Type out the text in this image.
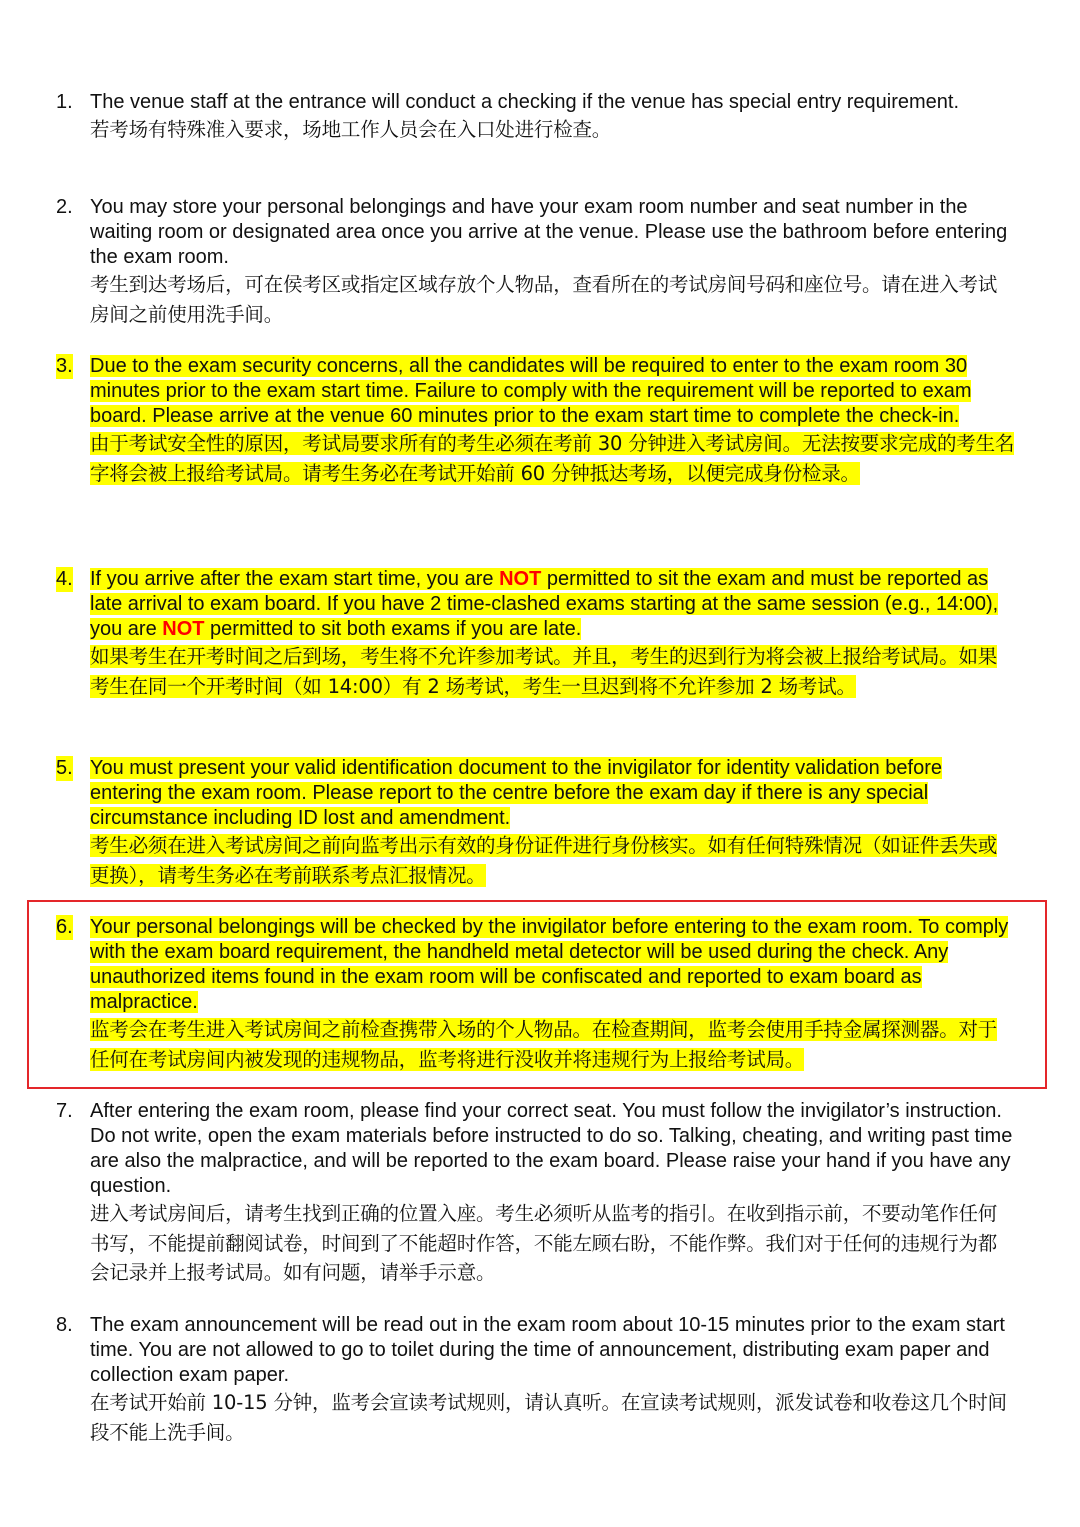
1. The venue staff at the entrance will conduct a checking if the venue has special entry requirement.

若考场有特殊准入要求，场地工作人员会在入口处进行检查。

2. You may store your personal belongings and have your exam room number and seat number in the waiting room or designated area once you arrive at the venue. Please use the bathroom before entering the exam room.

考生到达考场后，可在侯考区或指定区域存放个人物品，查看所在的考试房间号码和座位号。请在进入考试房间之前使用洗手间。

3. Due to the exam security concerns, all the candidates will be required to enter to the exam room 30 minutes prior to the exam start time. Failure to comply with the requirement will be reported to exam board. Please arrive at the venue 60 minutes prior to the exam start time to complete the check-in.

由于考试安全性的原因，考试局要求所有的考生必须在考前 30 分钟进入考试房间。无法按要求完成的考生名字将会被上报给考试局。请考生务必在考试开始前 60 分钟抵达考场，以便完成身份检录。

4. If you arrive after the exam start time, you are NOT permitted to sit the exam and must be reported as late arrival to exam board. If you have 2 time-clashed exams starting at the same session (e.g., 14:00), you are NOT permitted to sit both exams if you are late.

如果考生在开考时间之后到场，考生将不允许参加考试。并且，考生的迟到行为将会被上报给考试局。如果考生在同一个开考时间（如 14:00）有 2 场考试，考生一旦迟到将不允许参加 2 场考试。

5. You must present your valid identification document to the invigilator for identity validation before entering the exam room. Please report to the centre before the exam day if there is any special circumstance including ID lost and amendment.

考生必须在进入考试房间之前向监考出示有效的身份证件进行身份核实。如有任何特殊情况（如证件丢失或更换），请考生务必在考前联系考点汇报情况。

6. Your personal belongings will be checked by the invigilator before entering to the exam room. To comply with the exam board requirement, the handheld metal detector will be used during the check. Any unauthorized items found in the exam room will be confiscated and reported to exam board as malpractice.

监考会在考生进入考试房间之前检查携带入场的个人物品。在检查期间，监考会使用手持金属探测器。对于任何在考试房间内被发现的违规物品，监考将进行没收并将违规行为上报给考试局。

7. After entering the exam room, please find your correct seat. You must follow the invigilator’s instruction. Do not write, open the exam materials before instructed to do so. Talking, cheating, and writing past time are also the malpractice, and will be reported to the exam board. Please raise your hand if you have any question.

进入考试房间后，请考生找到正确的位置入座。考生必须听从监考的指引。在收到指示前，不要动笔作任何书写，不能提前翻阅试卷，时间到了不能超时作答，不能左顾右盼，不能作弊。我们对于任何的违规行为都会记录并上报考试局。如有问题，请举手示意。

8. The exam announcement will be read out in the exam room about 10-15 minutes prior to the exam start time. You are not allowed to go to toilet during the time of announcement, distributing exam paper and collection exam paper.

在考试开始前 10-15 分钟，监考会宣读考试规则，请认真听。在宣读考试规则，派发试卷和收卷这几个时间段不能上洗手间。
